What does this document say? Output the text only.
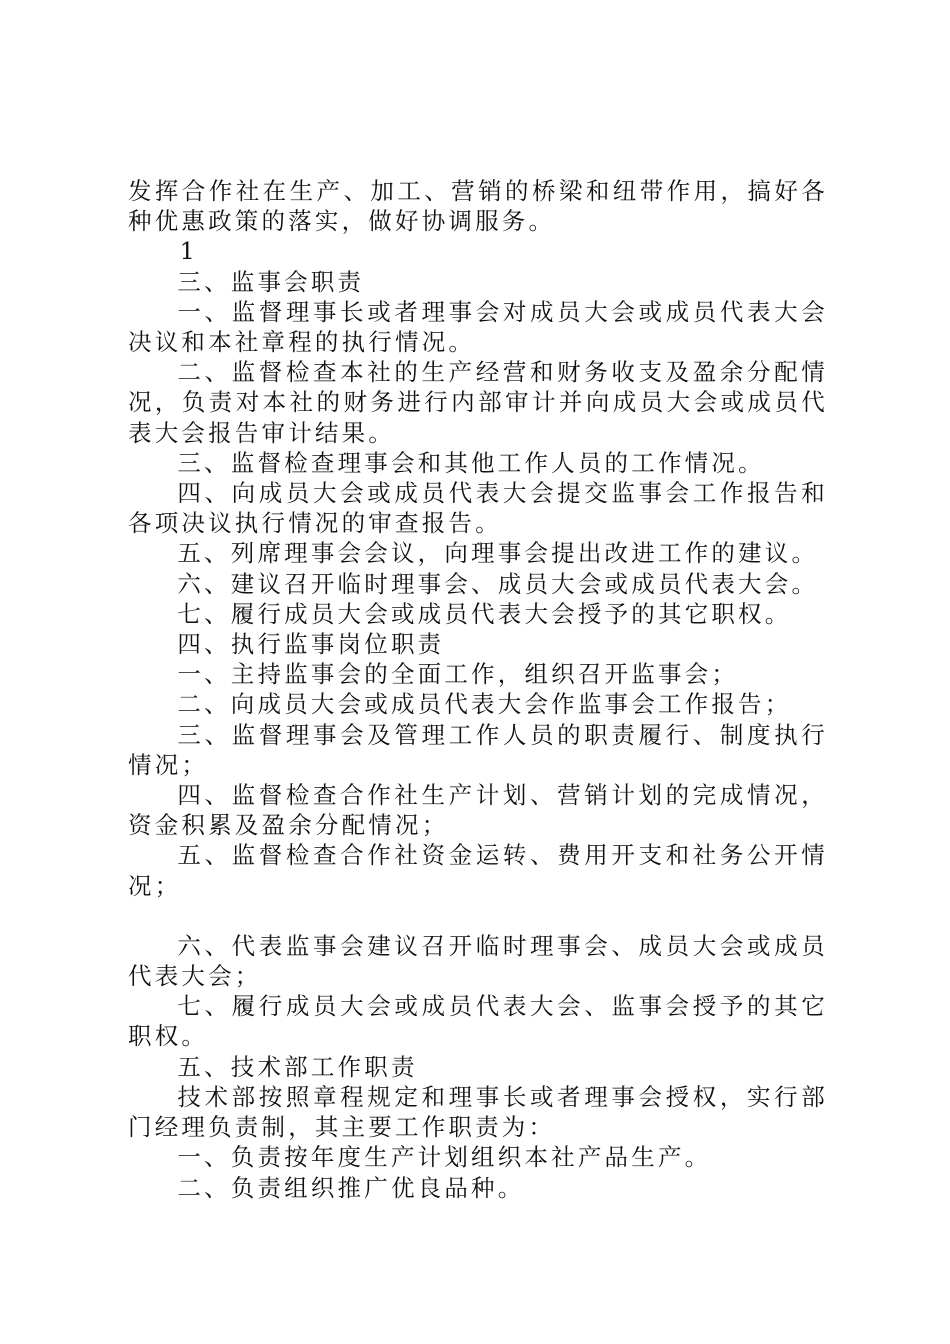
发挥合作社在生产、加工、营销的桥梁和纽带作用，搞好各种优惠政策的落实，做好协调服务。

1

三、监事会职责

一、监督理事长或者理事会对成员大会或成员代表大会决议和本社章程的执行情况。

二、监督检查本社的生产经营和财务收支及盈余分配情况，负责对本社的财务进行内部审计并向成员大会或成员代表大会报告审计结果。

三、监督检查理事会和其他工作人员的工作情况。

四、向成员大会或成员代表大会提交监事会工作报告和各项决议执行情况的审查报告。

五、列席理事会会议，向理事会提出改进工作的建议。

六、建议召开临时理事会、成员大会或成员代表大会。

七、履行成员大会或成员代表大会授予的其它职权。

四、执行监事岗位职责

一、主持监事会的全面工作，组织召开监事会；

二、向成员大会或成员代表大会作监事会工作报告；

三、监督理事会及管理工作人员的职责履行、制度执行情况；

四、监督检查合作社生产计划、营销计划的完成情况，资金积累及盈余分配情况；

五、监督检查合作社资金运转、费用开支和社务公开情况；

六、代表监事会建议召开临时理事会、成员大会或成员代表大会；

七、履行成员大会或成员代表大会、监事会授予的其它职权。

五、技术部工作职责

技术部按照章程规定和理事长或者理事会授权，实行部门经理负责制，其主要工作职责为：

一、负责按年度生产计划组织本社产品生产。

二、负责组织推广优良品种。
